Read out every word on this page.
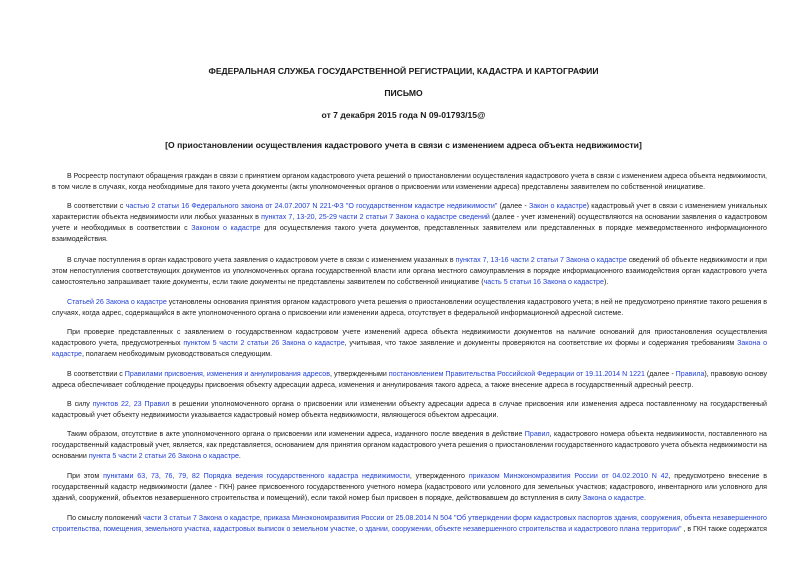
ФЕДЕРАЛЬНАЯ СЛУЖБА ГОСУДАРСТВЕННОЙ РЕГИСТРАЦИИ, КАДАСТРА И КАРТОГРАФИИ
ПИСЬМО
от 7 декабря 2015 года N 09-01793/15@
[О приостановлении осуществления кадастрового учета в связи с изменением адреса объекта недвижимости]
В Росреестр поступают обращения граждан в связи с принятием органом кадастрового учета решений о приостановлении осуществления кадастрового учета в связи с изменением адреса объекта недвижимости,
в том числе в случаях, когда необходимые для такого учета документы (акты уполномоченных органов о присвоении или изменении адреса) представлены заявителем по собственной инициативе.
В соответствии с частью 2 статьи 16 Федерального закона от 24.07.2007 N 221-ФЗ "О государственном кадастре недвижимости" (далее - Закон о кадастре) кадастровый учет в связи с изменением уникальных
характеристик объекта недвижимости или любых указанных в пунктах 7, 13-20, 25-29 части 2 статьи 7 Закона о кадастре сведений (далее - учет изменений) осуществляются на основании заявления о кадастровом
учете и необходимых в соответствии с Законом о кадастре для осуществления такого учета документов, представленных заявителем или представленных в порядке межведомственного информационного
взаимодействия.
В случае поступления в орган кадастрового учета заявления о кадастровом учете в связи с изменением указанных в пунктах 7, 13-16 части 2 статьи 7 Закона о кадастре сведений об объекте недвижимости и при
этом непоступления соответствующих документов из уполномоченных органа государственной власти или органа местного самоуправления в порядке информационного взаимодействия орган кадастрового учета
самостоятельно запрашивает такие документы, если такие документы не представлены заявителем по собственной инициативе (часть 5 статьи 16 Закона о кадастре).
Статьей 26 Закона о кадастре установлены основания принятия органом кадастрового учета решения о приостановлении осуществления кадастрового учета; в ней не предусмотрено принятие такого решения в
случаях, когда адрес, содержащийся в акте уполномоченного органа о присвоении или изменении адреса, отсутствует в федеральной информационной адресной системе.
При проверке представленных с заявлением о государственном кадастровом учете изменений адреса объекта недвижимости документов на наличие оснований для приостановления осуществления
кадастрового учета, предусмотренных пунктом 5 части 2 статьи 26 Закона о кадастре, учитывая, что такое заявление и документы проверяются на соответствие их формы и содержания требованиям Закона о
кадастре, полагаем необходимым руководствоваться следующим.
В соответствии с Правилами присвоения, изменения и аннулирования адресов, утвержденными постановлением Правительства Российской Федерации от 19.11.2014 N 1221 (далее - Правила), правовую основу
адреса обеспечивает соблюдение процедуры присвоения объекту адресации адреса, изменения и аннулирования такого адреса, а также внесение адреса в государственный адресный реестр.
В силу пунктов 22, 23 Правил в решении уполномоченного органа о присвоении или изменении объекту адресации адреса в случае присвоения или изменения адреса поставленному на государственный
кадастровый учет объекту недвижимости указывается кадастровый номер объекта недвижимости, являющегося объектом адресации.
Таким образом, отсутствие в акте уполномоченного органа о присвоении или изменении адреса, изданного после введения в действие Правил, кадастрового номера объекта недвижимости, поставленного на
государственный кадастровый учет, является, как представляется, основанием для принятия органом кадастрового учета решения о приостановлении государственного кадастрового учета объекта недвижимости на
основании пункта 5 части 2 статьи 26 Закона о кадастре.
При этом пунктами 63, 73, 76, 79, 82 Порядка ведения государственного кадастра недвижимости, утвержденного приказом Минэкономразвития России от 04.02.2010 N 42, предусмотрено внесение в
государственный кадастр недвижимости (далее - ГКН) ранее присвоенного государственного учетного номера (кадастрового или условного для земельных участков; кадастрового, инвентарного или условного для
зданий, сооружений, объектов незавершенного строительства и помещений), если такой номер был присвоен в порядке, действовавшем до вступления в силу Закона о кадастре.
По смыслу положений части 3 статьи 7 Закона о кадастре, приказа Минэкономразвития России от 25.08.2014 N 504 "Об утверждении форм кадастровых паспортов здания, сооружения, объекта незавершенного
строительства, помещения, земельного участка, кадастровых выписок о земельном участке, о здании, сооружении, объекте незавершенного строительства и кадастрового плана территории" , в ГКН также содержатся
